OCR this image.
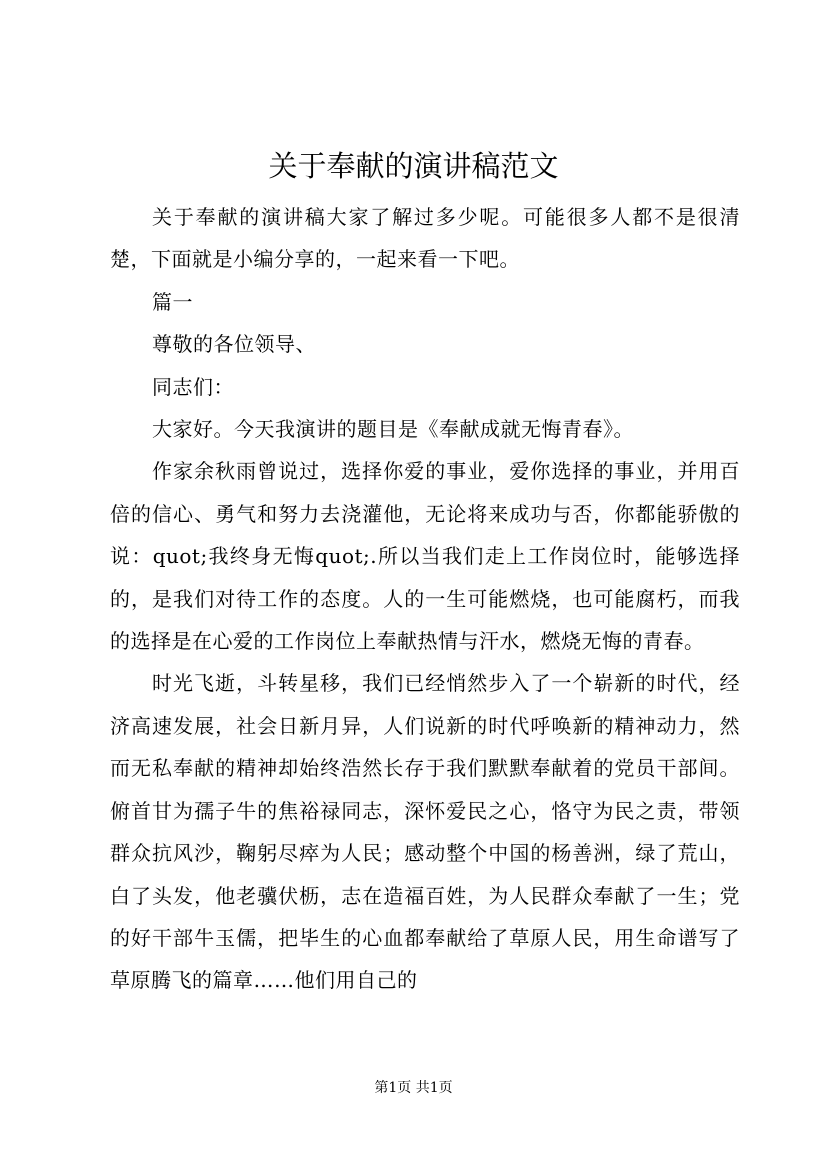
关于奉献的演讲稿范文

关于奉献的演讲稿大家了解过多少呢。可能很多人都不是很清楚，下面就是小编分享的，一起来看一下吧。

篇一

尊敬的各位领导、

同志们：

大家好。今天我演讲的题目是《奉献成就无悔青春》。

作家余秋雨曾说过，选择你爱的事业，爱你选择的事业，并用百倍的信心、勇气和努力去浇灌他，无论将来成功与否，你都能骄傲的说：quot;我终身无悔quot;.所以当我们走上工作岗位时，能够选择的，是我们对待工作的态度。人的一生可能燃烧，也可能腐朽，而我的选择是在心爱的工作岗位上奉献热情与汗水，燃烧无悔的青春。

时光飞逝，斗转星移，我们已经悄然步入了一个崭新的时代，经济高速发展，社会日新月异，人们说新的时代呼唤新的精神动力，然而无私奉献的精神却始终浩然长存于我们默默奉献着的党员干部间。俯首甘为孺子牛的焦裕禄同志，深怀爱民之心，恪守为民之责，带领群众抗风沙，鞠躬尽瘁为人民；感动整个中国的杨善洲，绿了荒山，白了头发，他老骥伏枥，志在造福百姓，为人民群众奉献了一生；党的好干部牛玉儒，把毕生的心血都奉献给了草原人民，用生命谱写了草原腾飞的篇章……他们用自己的

第1页 共1页
